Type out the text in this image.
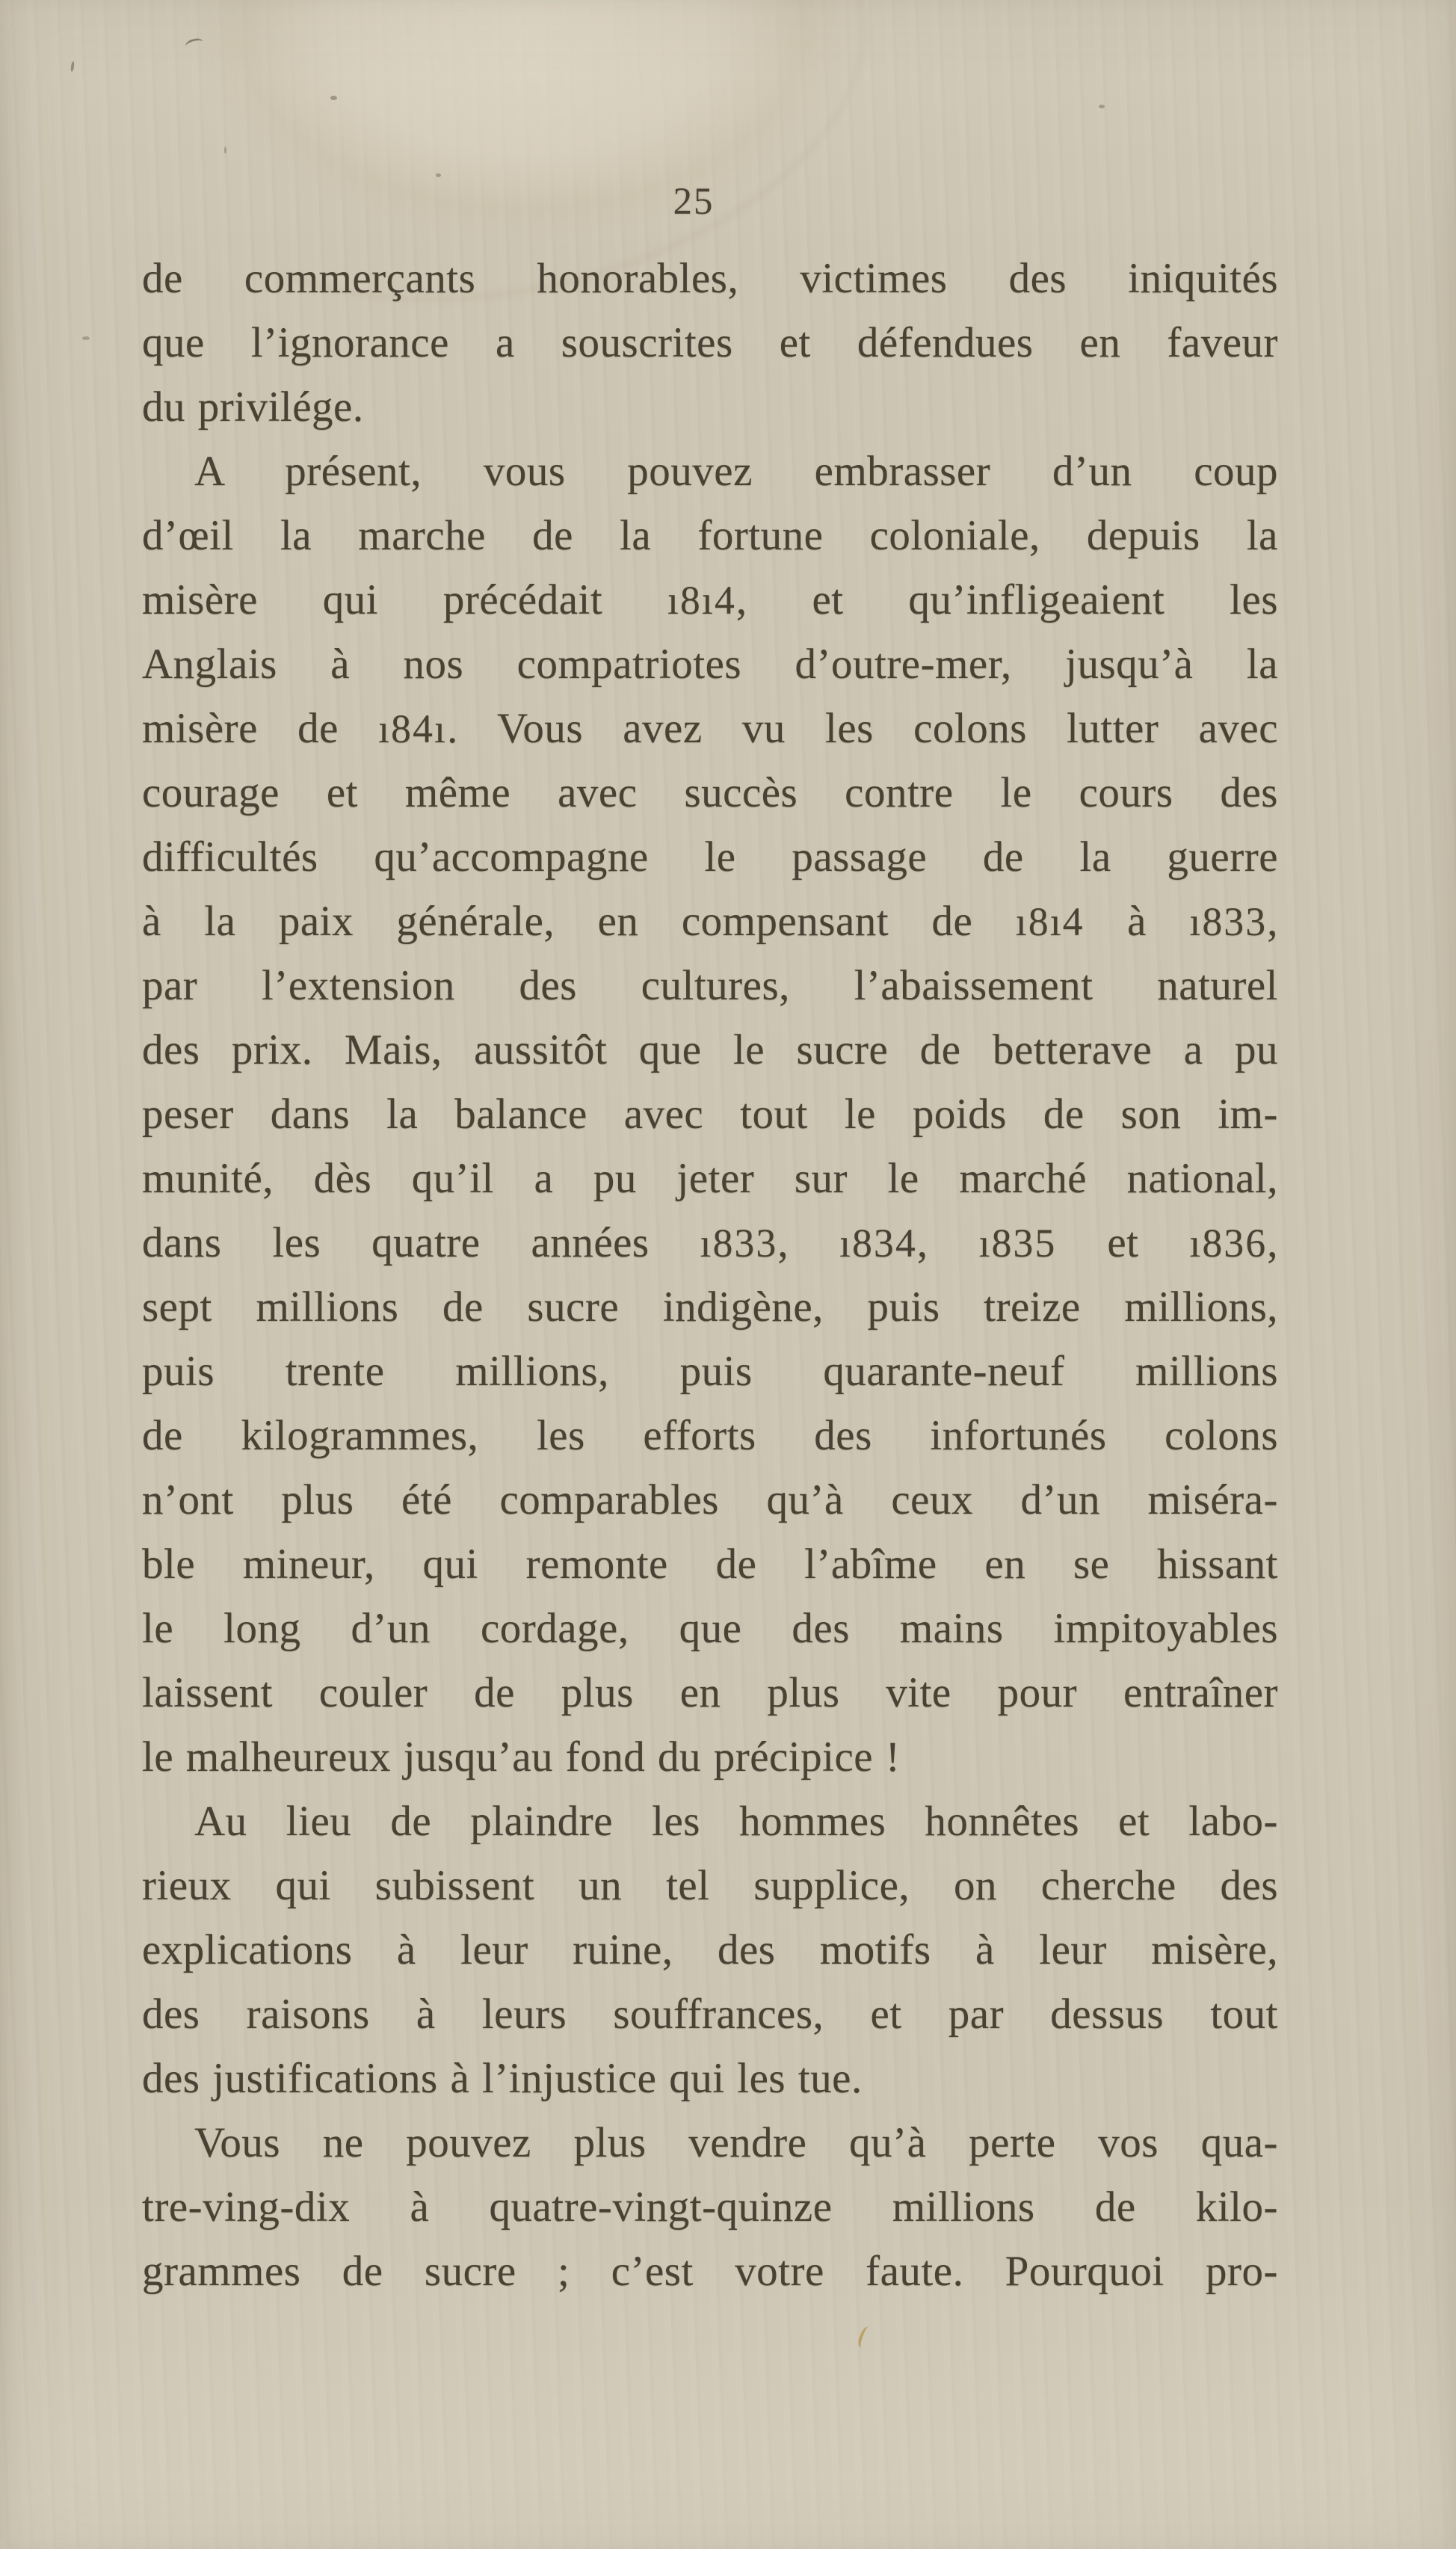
25
de commerçants honorables, victimes des iniquités
que l’ignorance a souscrites et défendues en faveur
du privilége.
A présent, vous pouvez embrasser d’un coup
d’œil la marche de la fortune coloniale, depuis la
misère qui précédait ı8ı4, et qu’infligeaient les
Anglais à nos compatriotes d’outre-mer, jusqu’à la
misère de ı84ı. Vous avez vu les colons lutter avec
courage et même avec succès contre le cours des
difficultés qu’accompagne le passage de la guerre
à la paix générale, en compensant de ı8ı4 à ı833,
par l’extension des cultures, l’abaissement naturel
des prix. Mais, aussitôt que le sucre de betterave a pu
peser dans la balance avec tout le poids de son im-
munité, dès qu’il a pu jeter sur le marché national,
dans les quatre années ı833, ı834, ı835 et ı836,
sept millions de sucre indigène, puis treize millions,
puis trente millions, puis quarante-neuf millions
de kilogrammes, les efforts des infortunés colons
n’ont plus été comparables qu’à ceux d’un miséra-
ble mineur, qui remonte de l’abîme en se hissant
le long d’un cordage, que des mains impitoyables
laissent couler de plus en plus vite pour entraîner
le malheureux jusqu’au fond du précipice !
Au lieu de plaindre les hommes honnêtes et labo-
rieux qui subissent un tel supplice, on cherche des
explications à leur ruine, des motifs à leur misère,
des raisons à leurs souffrances, et par dessus tout
des justifications à l’injustice qui les tue.
Vous ne pouvez plus vendre qu’à perte vos qua-
tre-ving-dix à quatre-vingt-quinze millions de kilo-
grammes de sucre ; c’est votre faute. Pourquoi pro-
